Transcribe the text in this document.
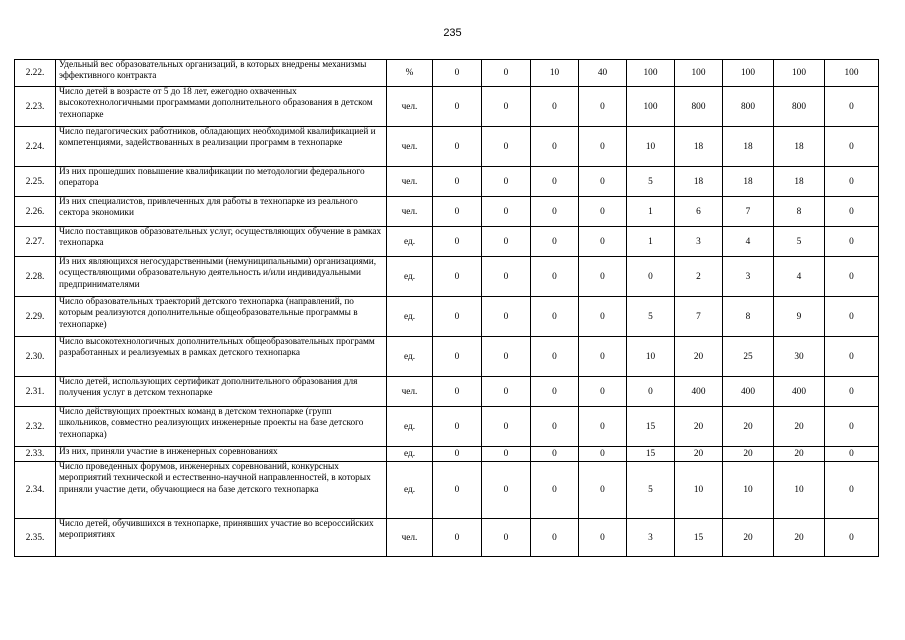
235
2.22.	Удельный вес образовательных организаций, в которых внедрены механизмы эффективного контракта	%	0	0	10	40	100	100	100	100	100
2.23.	Число детей в возрасте от 5 до 18 лет, ежегодно охваченных высокотехнологичными программами дополнительного образования в детском технопарке	чел.	0	0	0	0	100	800	800	800	0
2.24.	Число педагогических работников, обладающих необходимой квалификацией и компетенциями, задействованных в реализации программ в технопарке	чел.	0	0	0	0	10	18	18	18	0
2.25.	Из них прошедших повышение квалификации по методологии федерального оператора	чел.	0	0	0	0	5	18	18	18	0
2.26.	Из них специалистов, привлеченных для работы в технопарке из реального сектора экономики	чел.	0	0	0	0	1	6	7	8	0
2.27.	Число поставщиков образовательных услуг, осуществляющих обучение в рамках технопарка	ед.	0	0	0	0	1	3	4	5	0
2.28.	Из них являющихся негосударственными (немуниципальными) организациями, осуществляющими образовательную деятельность и/или индивидуальными предпринимателями	ед.	0	0	0	0	0	2	3	4	0
2.29.	Число образовательных траекторий детского технопарка (направлений, по которым реализуются дополнительные общеобразовательные программы в технопарке)	ед.	0	0	0	0	5	7	8	9	0
2.30.	Число высокотехнологичных дополнительных общеобразовательных программ разработанных и реализуемых в рамках детского технопарка	ед.	0	0	0	0	10	20	25	30	0
2.31.	Число детей, использующих сертификат дополнительного образования для получения услуг в детском технопарке	чел.	0	0	0	0	0	400	400	400	0
2.32.	Число действующих проектных команд в детском технопарке (групп школьников, совместно реализующих инженерные проекты на базе детского технопарка)	ед.	0	0	0	0	15	20	20	20	0
2.33.	Из них, приняли участие в инженерных соревнованиях	ед.	0	0	0	0	15	20	20	20	0
2.34.	Число проведенных форумов, инженерных соревнований, конкурсных мероприятий технической и естественно-научной направленностей, в которых приняли участие дети, обучающиеся на базе детского технопарка	ед.	0	0	0	0	5	10	10	10	0
2.35.	Число детей, обучившихся в технопарке, принявших участие во всероссийских мероприятиях	чел.	0	0	0	0	3	15	20	20	0
